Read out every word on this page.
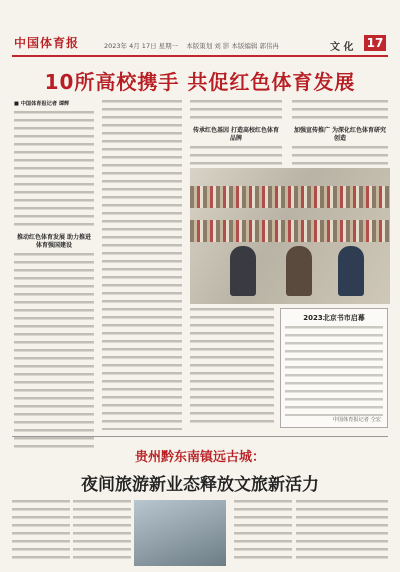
中国体育报	2023年 4月 17日 星期一 本版策划 刘 影 本版编辑 郭伟冉	文 化 17
10所高校携手 共促红色体育发展
■ 中国体育报记者 谭辉
推动红色体育发展 助力推进体育强国建设
传承红色基因 打造高校红色体育品牌
加强宣传推广 为深化红色体育研究创造
2023北京书市启幕
中国体育报记者 仝宏
贵州黔东南镇远古城：
夜间旅游新业态释放文旅新活力
